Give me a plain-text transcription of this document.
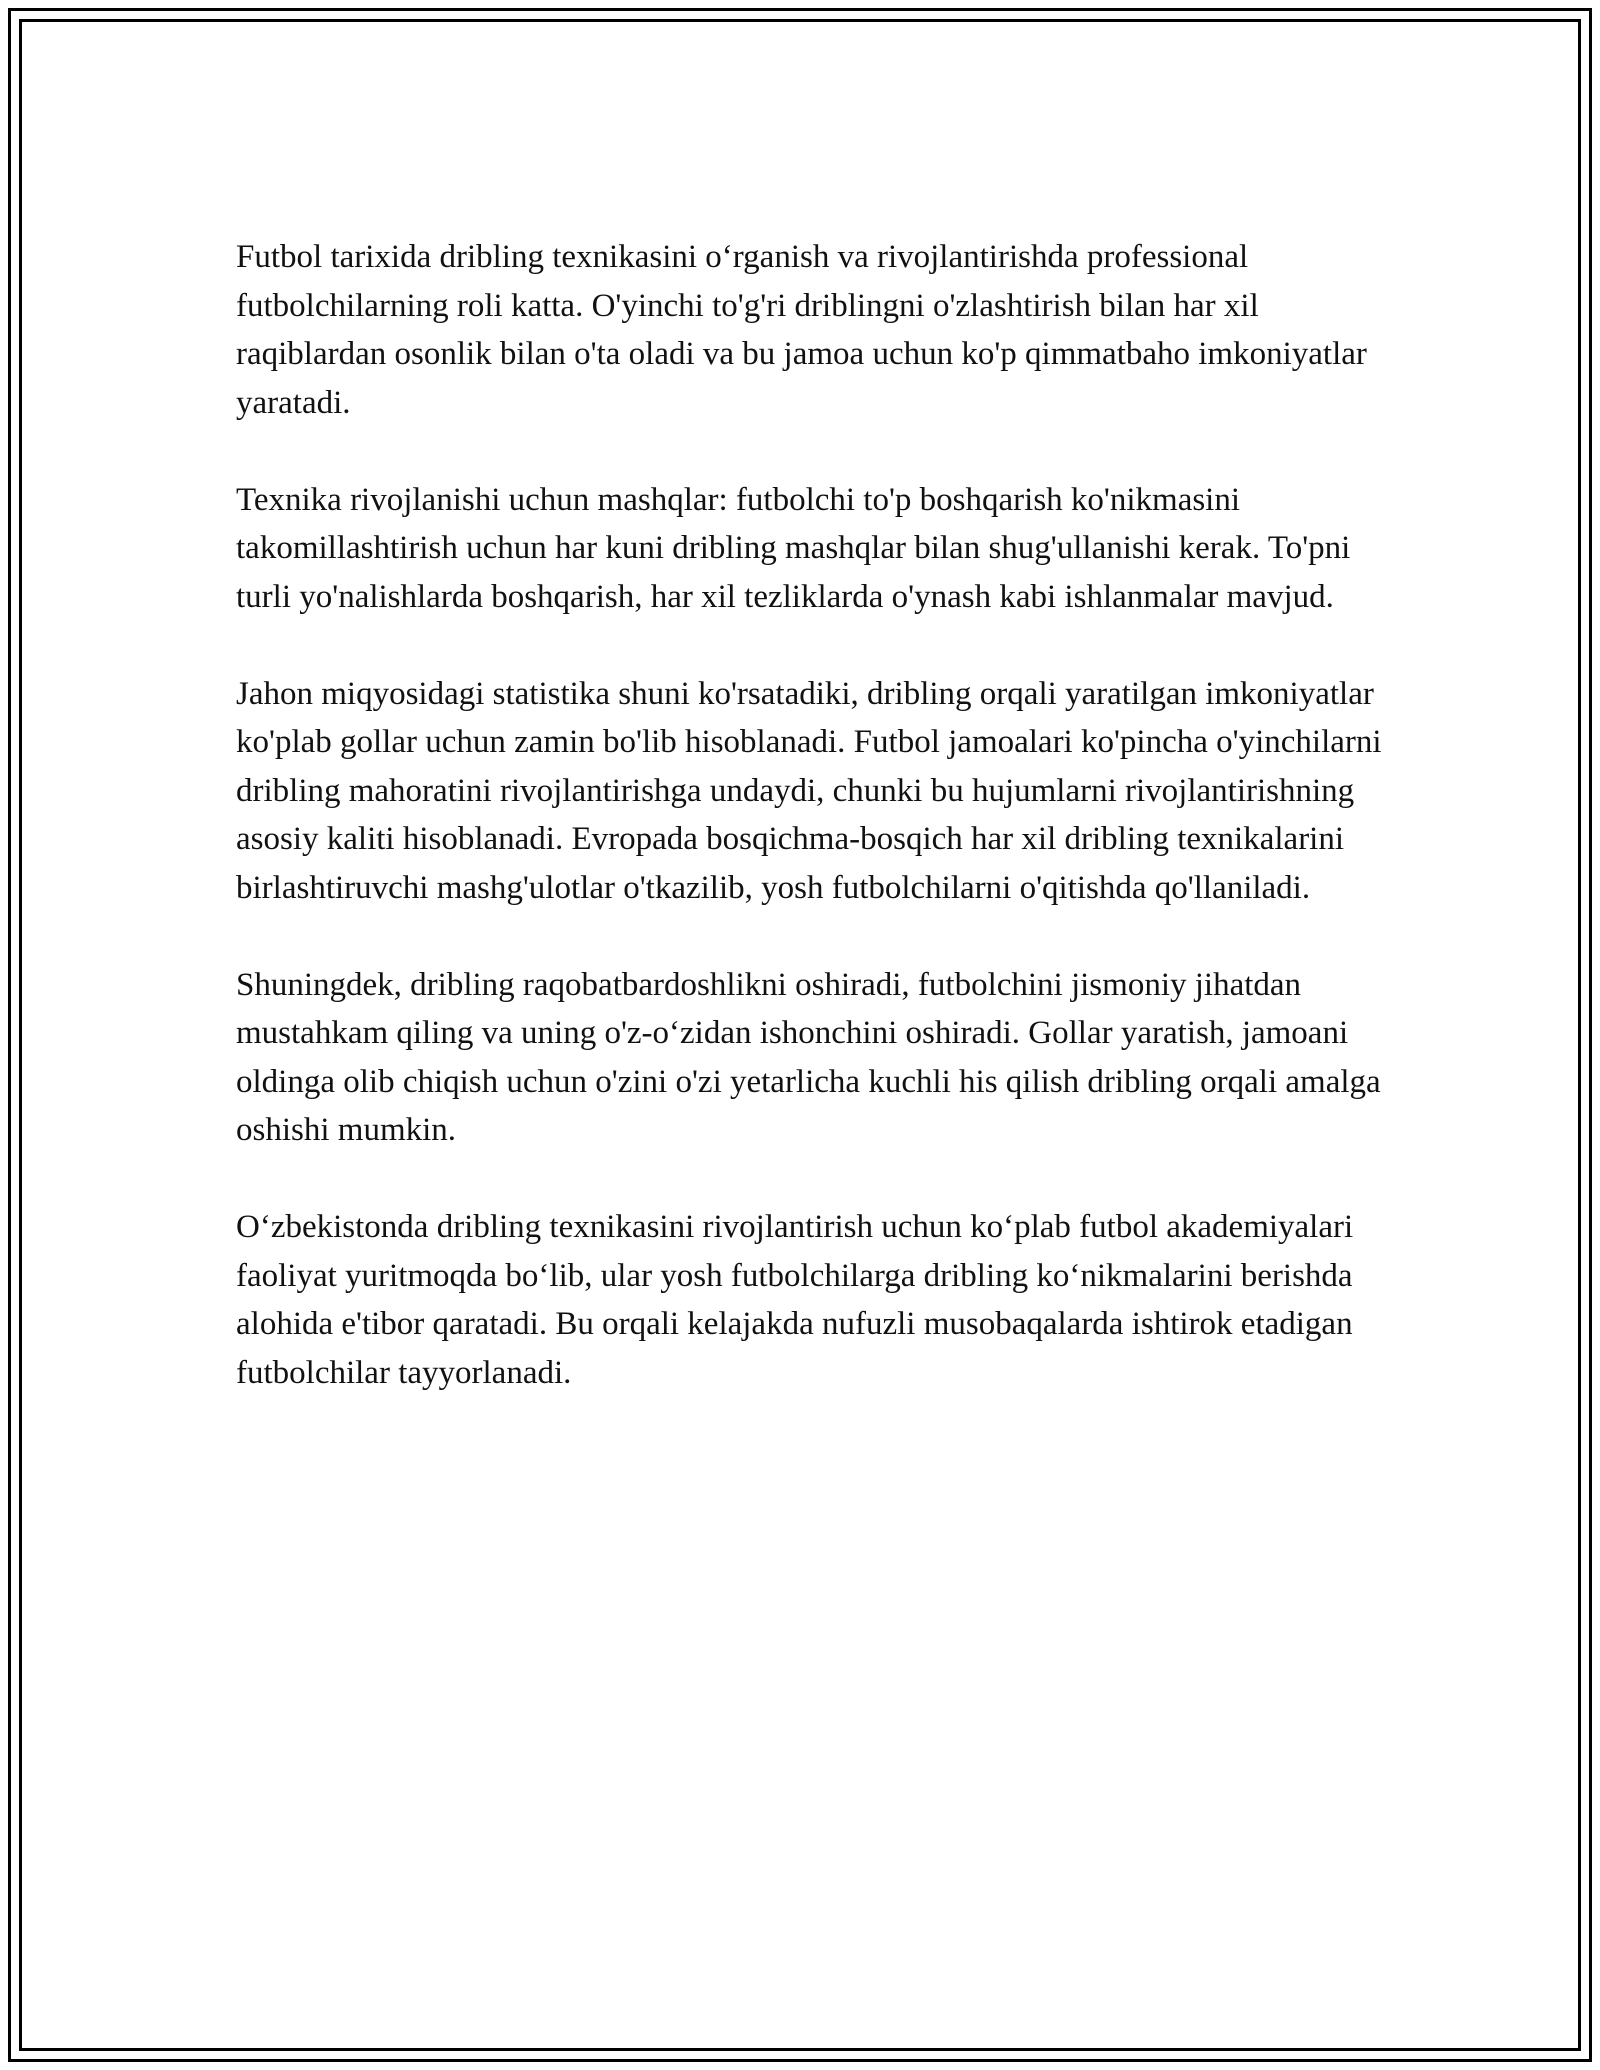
Futbol tarixida dribling texnikasini o‘rganish va rivojlantirishda professional futbolchilarning roli katta. O'yinchi to'g'ri driblingni o'zlashtirish bilan har xil raqiblardan osonlik bilan o'ta oladi va bu jamoa uchun ko'p qimmatbaho imkoniyatlar yaratadi.

Texnika rivojlanishi uchun mashqlar: futbolchi to'p boshqarish ko'nikmasini takomillashtirish uchun har kuni dribling mashqlar bilan shug'ullanishi kerak. To'pni turli yo'nalishlarda boshqarish, har xil tezliklarda o'ynash kabi ishlanmalar mavjud.

Jahon miqyosidagi statistika shuni ko'rsatadiki, dribling orqali yaratilgan imkoniyatlar ko'plab gollar uchun zamin bo'lib hisoblanadi. Futbol jamoalari ko'pincha o'yinchilarni dribling mahoratini rivojlantirishga undaydi, chunki bu hujumlarni rivojlantirishning asosiy kaliti hisoblanadi. Evropada bosqichma-bosqich har xil dribling texnikalarini birlashtiruvchi mashg'ulotlar o'tkazilib, yosh futbolchilarni o'qitishda qo'llaniladi.

Shuningdek, dribling raqobatbardoshlikni oshiradi, futbolchini jismoniy jihatdan mustahkam qiling va uning o'z-o‘zidan ishonchini oshiradi. Gollar yaratish, jamoani oldinga olib chiqish uchun o'zini o'zi yetarlicha kuchli his qilish dribling orqali amalga oshishi mumkin.

O‘zbekistonda dribling texnikasini rivojlantirish uchun ko‘plab futbol akademiyalari faoliyat yuritmoqda bo‘lib, ular yosh futbolchilarga dribling ko‘nikmalarini berishda alohida e'tibor qaratadi. Bu orqali kelajakda nufuzli musobaqalarda ishtirok etadigan futbolchilar tayyorlanadi.
